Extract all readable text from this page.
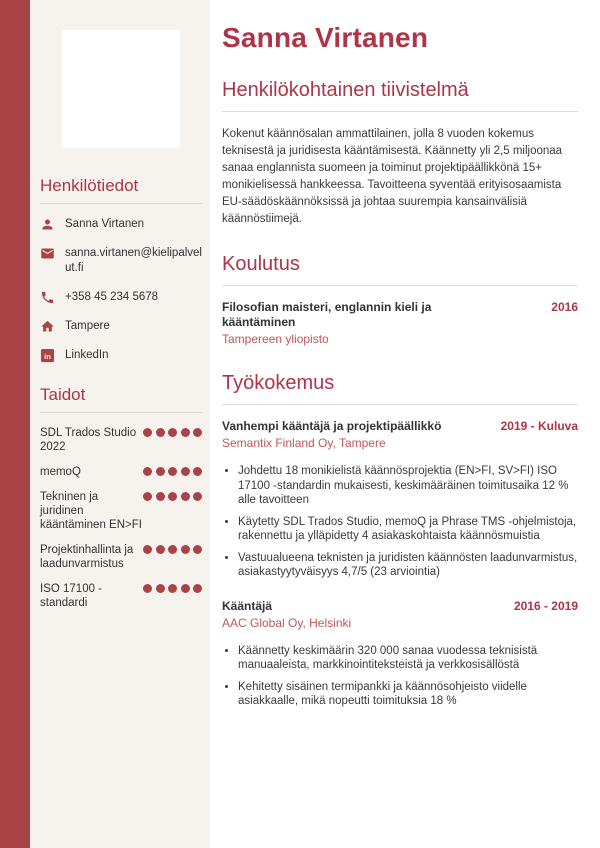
Henkilötiedot
Sanna Virtanen
sanna.virtanen@kielipalvelut.fi
+358 45 234 5678
Tampere
in LinkedIn
Taidot
SDL Trados Studio 2022
memoQ
Tekninen ja juridinen kääntäminen EN>FI
Projektinhallinta ja laadunvarmistus
ISO 17100 -standardi
Sanna Virtanen
Henkilökohtainen tiivistelmä

Kokenut käännösalan ammattilainen, jolla 8 vuoden kokemus teknisestä ja juridisesta kääntämisestä. Käännetty yli 2,5 miljoonaa sanaa englannista suomeen ja toiminut projektipäällikkönä 15+ monikielisessä hankkeessa. Tavoitteena syventää erityisosaamista EU-säädöskäännöksissä ja johtaa suurempia kansainvälisiä käännöstiimejä.

Koulutus
Filosofian maisteri, englannin kieli ja kääntäminen
2016
Tampereen yliopisto
Työkokemus
Vanhempi kääntäjä ja projektipäällikkö	2019 - Kuluva
Semantix Finland Oy, Tampere
• Johdettu 18 monikielistä käännösprojektia (EN>FI, SV>FI) ISO 17100 -standardin mukaisesti, keskimääräinen toimitusaika 12 % alle tavoitteen
• Käytetty SDL Trados Studio, memoQ ja Phrase TMS -ohjelmistoja, rakennettu ja ylläpidetty 4 asiakaskohtaista käännösmuistia
• Vastuualueena teknisten ja juridisten käännösten laadunvarmistus, asiakastyytyväisyys 4,7/5 (23 arviointia)
Kääntäjä	2016 - 2019
AAC Global Oy, Helsinki
• Käännetty keskimäärin 320 000 sanaa vuodessa teknisistä manuaaleista, markkinointiteksteistä ja verkkosisällöstä
• Kehitetty sisäinen termipankki ja käännösohjeisto viidelle asiakkaalle, mikä nopeutti toimituksia 18 %
